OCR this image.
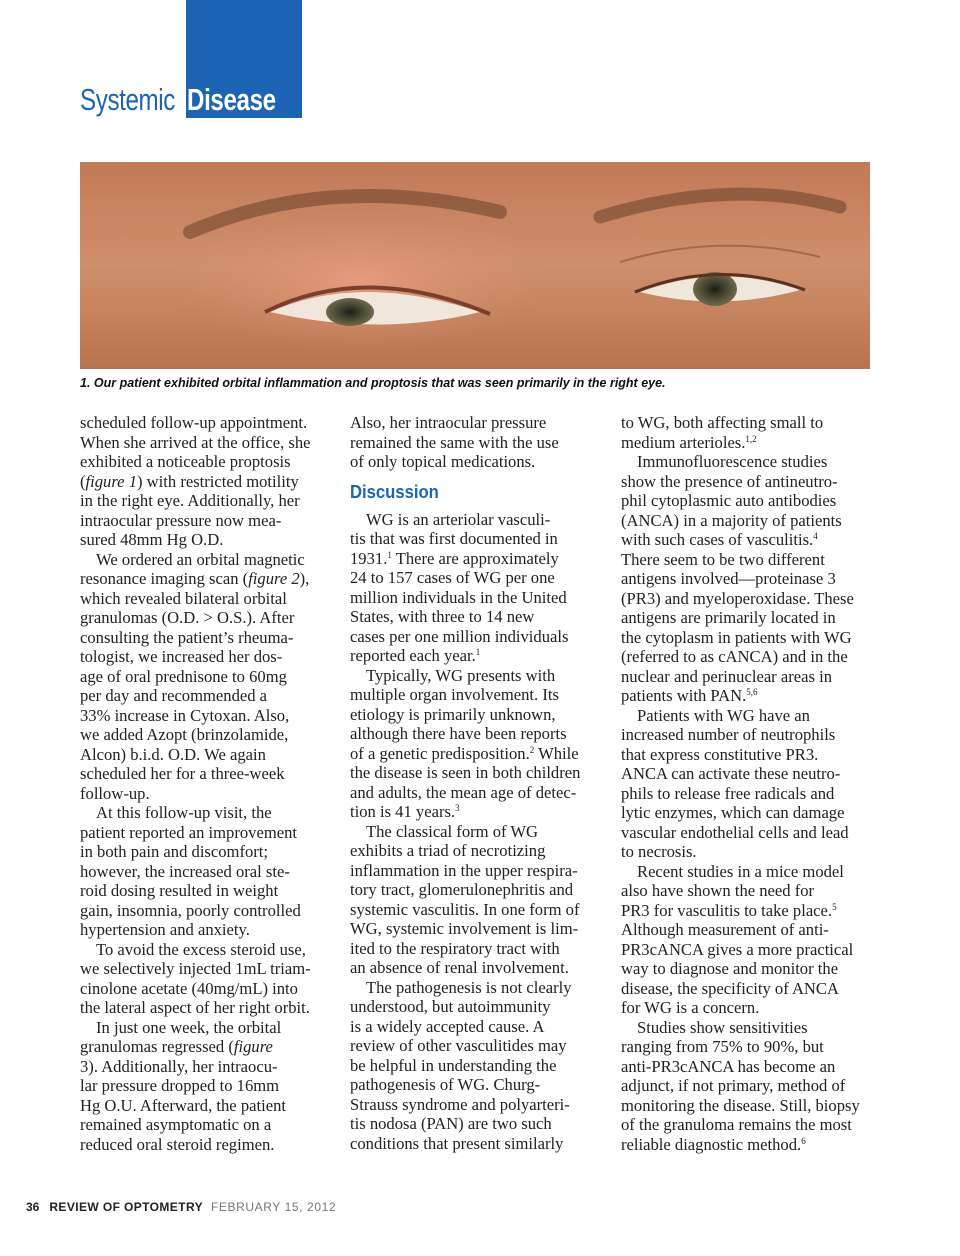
Systemic Disease
1. Our patient exhibited orbital inflammation and proptosis that was seen primarily in the right eye.
scheduled follow-up appointment.
When she arrived at the office, she
exhibited a noticeable proptosis
(figure 1) with restricted motility
in the right eye. Additionally, her
intraocular pressure now mea-
sured 48mm Hg O.D.
We ordered an orbital magnetic
resonance imaging scan (figure 2),
which revealed bilateral orbital
granulomas (O.D. > O.S.). After
consulting the patient’s rheuma-
tologist, we increased her dos-
age of oral prednisone to 60mg
per day and recommended a
33% increase in Cytoxan. Also,
we added Azopt (brinzolamide,
Alcon) b.i.d. O.D. We again
scheduled her for a three-week
follow-up.
At this follow-up visit, the
patient reported an improvement
in both pain and discomfort;
however, the increased oral ste-
roid dosing resulted in weight
gain, insomnia, poorly controlled
hypertension and anxiety.
To avoid the excess steroid use,
we selectively injected 1mL triam-
cinolone acetate (40mg/mL) into
the lateral aspect of her right orbit.
In just one week, the orbital
granulomas regressed (figure
3). Additionally, her intraocu-
lar pressure dropped to 16mm
Hg O.U. Afterward, the patient
remained asymptomatic on a
reduced oral steroid regimen.
Also, her intraocular pressure
remained the same with the use
of only topical medications.
Discussion
WG is an arteriolar vasculi-
tis that was first documented in
1931.$^1$ There are approximately
24 to 157 cases of WG per one
million individuals in the United
States, with three to 14 new
cases per one million individuals
reported each year.$^1$
Typically, WG presents with
multiple organ involvement. Its
etiology is primarily unknown,
although there have been reports
of a genetic predisposition.$^2$ While
the disease is seen in both children
and adults, the mean age of detec-
tion is 41 years.$^3$
The classical form of WG
exhibits a triad of necrotizing
inflammation in the upper respira-
tory tract, glomerulonephritis and
systemic vasculitis. In one form of
WG, systemic involvement is lim-
ited to the respiratory tract with
an absence of renal involvement.
The pathogenesis is not clearly
understood, but autoimmunity
is a widely accepted cause. A
review of other vasculitides may
be helpful in understanding the
pathogenesis of WG. Churg-
Strauss syndrome and polyarteri-
tis nodosa (PAN) are two such
conditions that present similarly
to WG, both affecting small to
medium arterioles.$^{1,2}$
Immunofluorescence studies
show the presence of antineutro-
phil cytoplasmic auto antibodies
(ANCA) in a majority of patients
with such cases of vasculitis.$^4$
There seem to be two different
antigens involved—proteinase 3
(PR3) and myeloperoxidase. These
antigens are primarily located in
the cytoplasm in patients with WG
(referred to as cANCA) and in the
nuclear and perinuclear areas in
patients with PAN.$^{5,6}$
Patients with WG have an
increased number of neutrophils
that express constitutive PR3.
ANCA can activate these neutro-
phils to release free radicals and
lytic enzymes, which can damage
vascular endothelial cells and lead
to necrosis.
Recent studies in a mice model
also have shown the need for
PR3 for vasculitis to take place.$^5$
Although measurement of anti-
PR3cANCA gives a more practical
way to diagnose and monitor the
disease, the specificity of ANCA
for WG is a concern.
Studies show sensitivities
ranging from 75% to 90%, but
anti-PR3cANCA has become an
adjunct, if not primary, method of
monitoring the disease. Still, biopsy
of the granuloma remains the most
reliable diagnostic method.$^6$
36 REVIEW OF OPTOMETRY FEBRUARY 15, 2012
